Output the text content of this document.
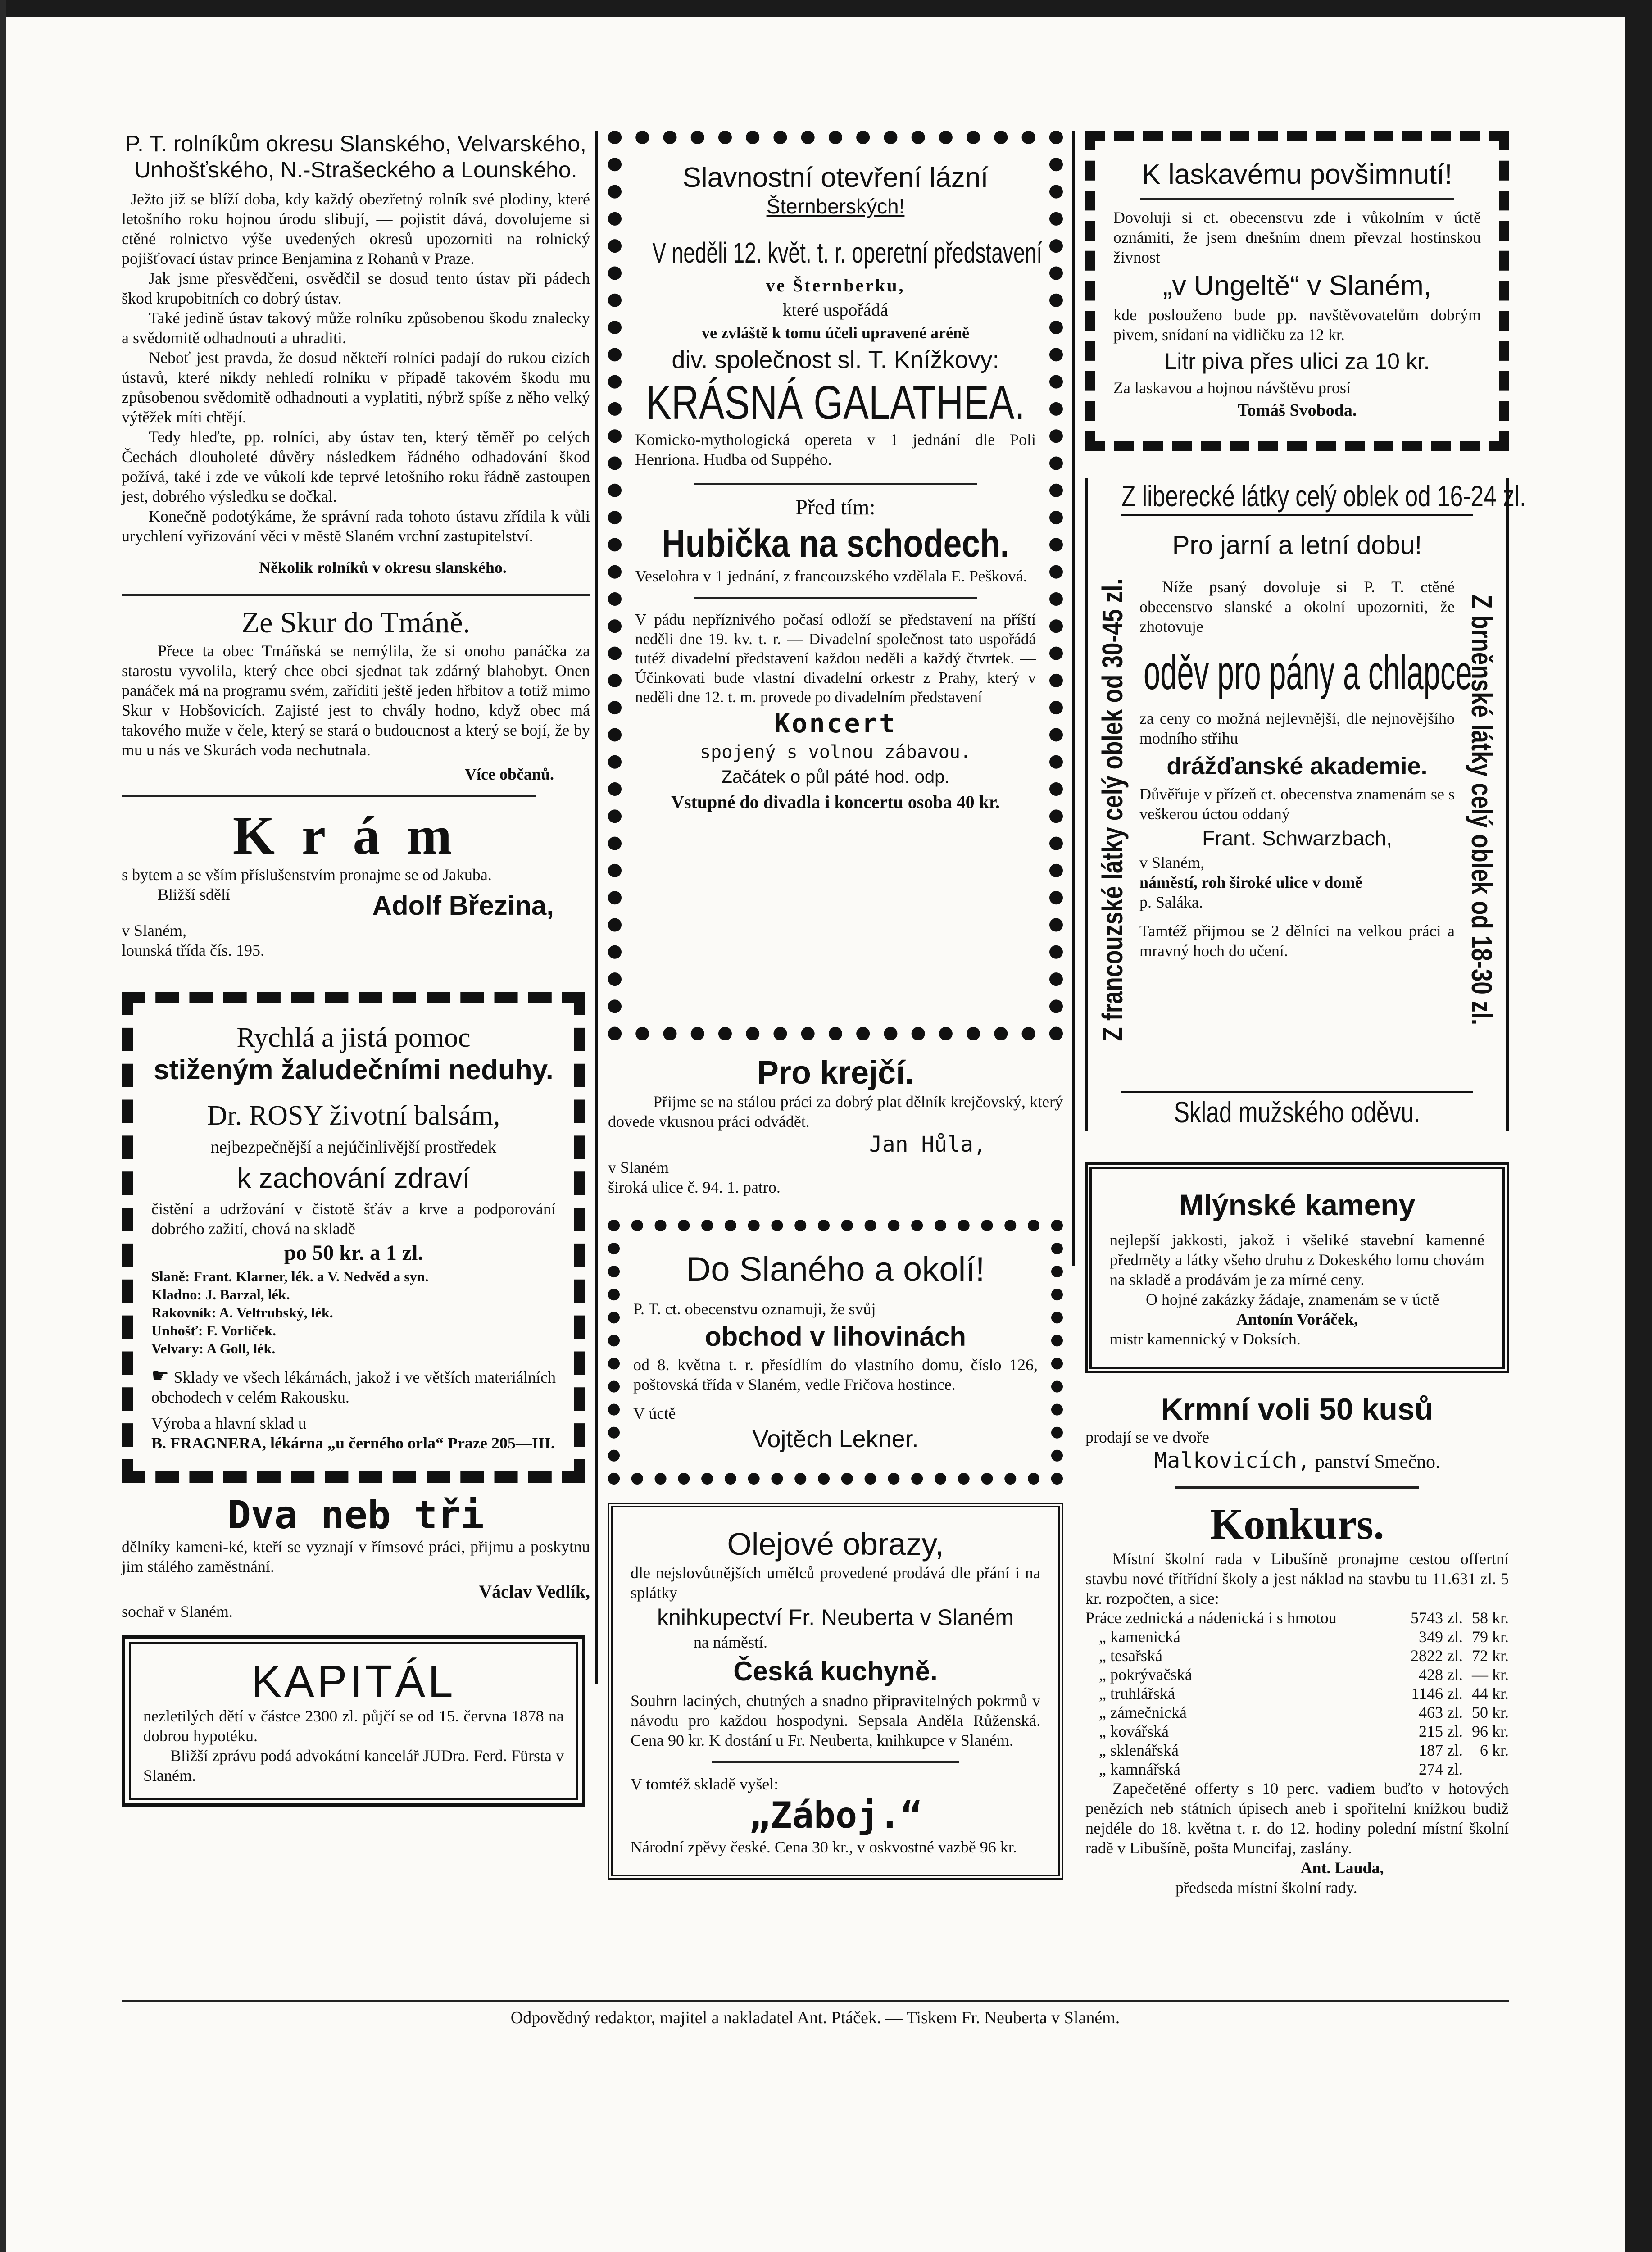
P. T. rolníkům okresu Slanského, Velvarského,

Unhošťského, N.-Strašeckého a Lounského.

Ježto již se blíží doba, kdy každý obezřetný rolník své plodiny, které letošního roku hojnou úrodu slibují, — pojistit dává, dovolujeme si ctěné rolnictvo výše uvedených okresů upozorniti na rolnický pojišťovací ústav prince Benjamina z Rohanů v Praze.

Jak jsme přesvědčeni, osvědčil se dosud tento ústav při pádech škod krupobitních co dobrý ústav.

Také jedině ústav takový může rolníku způsobenou škodu znalecky a svědomitě odhadnouti a uhraditi.

Neboť jest pravda, že dosud někteří rolníci padají do rukou cizích ústavů, které nikdy nehledí rolníku v případě takovém škodu mu způsobenou svědomitě odhadnouti a vyplatiti, nýbrž spíše z něho velký výtěžek míti chtějí.

Tedy hleďte, pp. rolníci, aby ústav ten, který těměř po celých Čechách dlouholeté důvěry následkem řádného odhadování škod požívá, také i zde ve vůkolí kde teprvé letošního roku řádně zastoupen jest, dobrého výsledku se dočkal.

Konečně podotýkáme, že správní rada tohoto ústavu zřídila k vůli urychlení vyřizování věci v městě Slaném vrchní zastupitelství.

Několik rolníků v okresu slanského.

Ze Skur do Tmáně.

Přece ta obec Tmáňská se nemýlila, že si onoho panáčka za starostu vyvolila, který chce obci sjednat tak zdárný blahobyt. Onen panáček má na programu svém, zaříditi ještě jeden hřbitov a totiž mimo Skur v Hobšovicích. Zajisté jest to chvály hodno, když obec má takového muže v čele, který se stará o budoucnost a který se bojí, že by mu u nás ve Skurách voda nechutnala.

Více občanů.

Krám

s bytem a se vším příslušenstvím pronajme se od Jakuba.

Bližší sdělí	Adolf Březina,

v Slaném,

lounská třída čís. 195.

Rychlá a jistá pomoc

stiženým žaludečními neduhy.

Dr. ROSY životní balsám,

nejbezpečnější a nejúčinlivější prostředek

k zachování zdraví

čistění a udržování v čistotě šťáv a krve a podporování dobrého zažití, chová na skladě

po 50 kr. a 1 zl.

Slaně: Frant. Klarner, lék. a V. Nedvěd a syn.

Kladno: J. Barzal, lék.

Rakovník: A. Veltrubský, lék.

Unhošť: F. Vorlíček.

Velvary: A Goll, lék.

☛ Sklady ve všech lékárnách, jakož i ve větších materiálních obchodech v celém Rakousku.

Výroba a hlavní sklad u

B. FRAGNERA, lékárna „u černého orla“ Praze 205—III.

Dva neb tři

dělníky kameni-ké, kteří se vyznají v římsové práci, přijmu a poskytnu jim stálého zaměstnání.

Václav Vedlík,

sochař v Slaném.

KAPITÁL

nezletilých dětí v částce 2300 zl. půjčí se od 15. června 1878 na dobrou hypotéku.

Bližší zprávu podá advokátní kancelář JUDra. Ferd. Fürsta v Slaném.

Slavnostní otevření lázní

Šternberských!

V neděli 12. květ. t. r. operetní představení

ve Šternberku,

které uspořádá

ve zvláště k tomu účeli upravené aréně

div. společnost sl. T. Knížkovy:

KRÁSNÁ GALATHEA.

Komicko-mythologická opereta v 1 jednání dle Poli Henriona. Hudba od Suppého.

Před tím:

Hubička na schodech.

Veselohra v 1 jednání, z francouzského vzdělala E. Pešková.

V pádu nepříznivého počasí odloží se představení na příští neděli dne 19. kv. t. r. — Divadelní společnost tato uspořádá tutéž divadelní představení každou neděli a každý čtvrtek. — Účinkovati bude vlastní divadelní orkestr z Prahy, který v neděli dne 12. t. m. provede po divadelním představení

Koncert

spojený s volnou zábavou.

Začátek o půl páté hod. odp.

Vstupné do divadla i koncertu osoba 40 kr.

Pro krejčí.

Přijme se na stálou práci za dobrý plat dělník krejčovský, který dovede vkusnou práci odvádět.

Jan Hůla,

v Slaném

široká ulice č. 94. 1. patro.

Do Slaného a okolí!

P. T. ct. obecenstvu oznamuji, že svůj

obchod v lihovinách

od 8. května t. r. přesídlím do vlastního domu, číslo 126, poštovská třída v Slaném, vedle Fričova hostince.

V úctě

Vojtěch Lekner.

Olejové obrazy,

dle nejslovůtnějších umělců provedené prodává dle přání i na splátky

knihkupectví Fr. Neuberta v Slaném

na náměstí.

Česká kuchyně.

Souhrn laciných, chutných a snadno připravitelných pokrmů v návodu pro každou hospodyni. Sepsala Anděla Růženská. Cena 90 kr. K dostání u Fr. Neuberta, knihkupce v Slaném.

V tomtéž skladě vyšel:

„Záboj.“

Národní zpěvy české. Cena 30 kr., v oskvostné vazbě 96 kr.

K laskavému povšimnutí!

Dovoluji si ct. obecenstvu zde i vůkolním v úctě oznámiti, že jsem dnešním dnem převzal hostinskou živnost

„v Ungeltě“ v Slaném,

kde poslouženo bude pp. navštěvovatelům dobrým pivem, snídaní na vidličku za 12 kr.

Litr piva přes ulici za 10 kr.

Za laskavou a hojnou návštěvu prosí

Tomáš Svoboda.

Z liberecké látky celý oblek od 16-24 zl.

Z francouzské látky celý oblek od 30-45 zl.	Z brněnské látky celý oblek od 18-30 zl.

Pro jarní a letní dobu!

Níže psaný dovoluje si P. T. ctěné obecenstvo slanské a okolní upozorniti, že zhotovuje

oděv pro pány a chlapce

za ceny co možná nejlevnější, dle nejnovějšího modního střihu

drážďanské akademie.

Důvěřuje v přízeň ct. obecenstva znamenám se s veškerou úctou oddaný

Frant. Schwarzbach,

v Slaném,

náměstí, roh široké ulice v domě

p. Saláka.

Tamtéž přijmou se 2 dělníci na velkou práci a mravný hoch do učení.

Sklad mužského oděvu.

Mlýnské kameny

nejlepší jakkosti, jakož i všeliké stavební kamenné předměty a látky všeho druhu z Dokeského lomu chovám na skladě a prodávám je za mírné ceny.

O hojné zakázky žádaje, znamenám se v úctě

Antonín Voráček,

mistr kamennický v Doksích.

Krmní voli 50 kusů

prodají se ve dvoře

Malkovicích, panství Smečno.

Konkurs.

Místní školní rada v Libušíně pronajme cestou offertní stavbu nové třítřídní školy a jest náklad na stavbu tu 11.631 zl. 5 kr. rozpočten, a sice:

Práce zednická a nádenická i s hmotou	5743 zl.	58 kr.
„ kamenická	349 zl.	79 kr.
„ tesařská	2822 zl.	72 kr.
„ pokrývačská	428 zl.	— kr.
„ truhlářská	1146 zl.	44 kr.
„ zámečnická	463 zl.	50 kr.
„ kovářská	215 zl.	96 kr.
„ sklenářská	187 zl.	6 kr.
„ kamnářská	274 zl.	

Zapečetěné offerty s 10 perc. vadiem buďto v hotových penězích neb státních úpisech aneb i spořitelní knížkou budiž nejdéle do 18. května t. r. do 12. hodiny polední místní školní radě v Libušíně, pošta Muncifaj, zaslány.

Ant. Lauda,

předseda místní školní rady.

Odpovědný redaktor, majitel a nakladatel Ant. Ptáček. — Tiskem Fr. Neuberta v Slaném.
